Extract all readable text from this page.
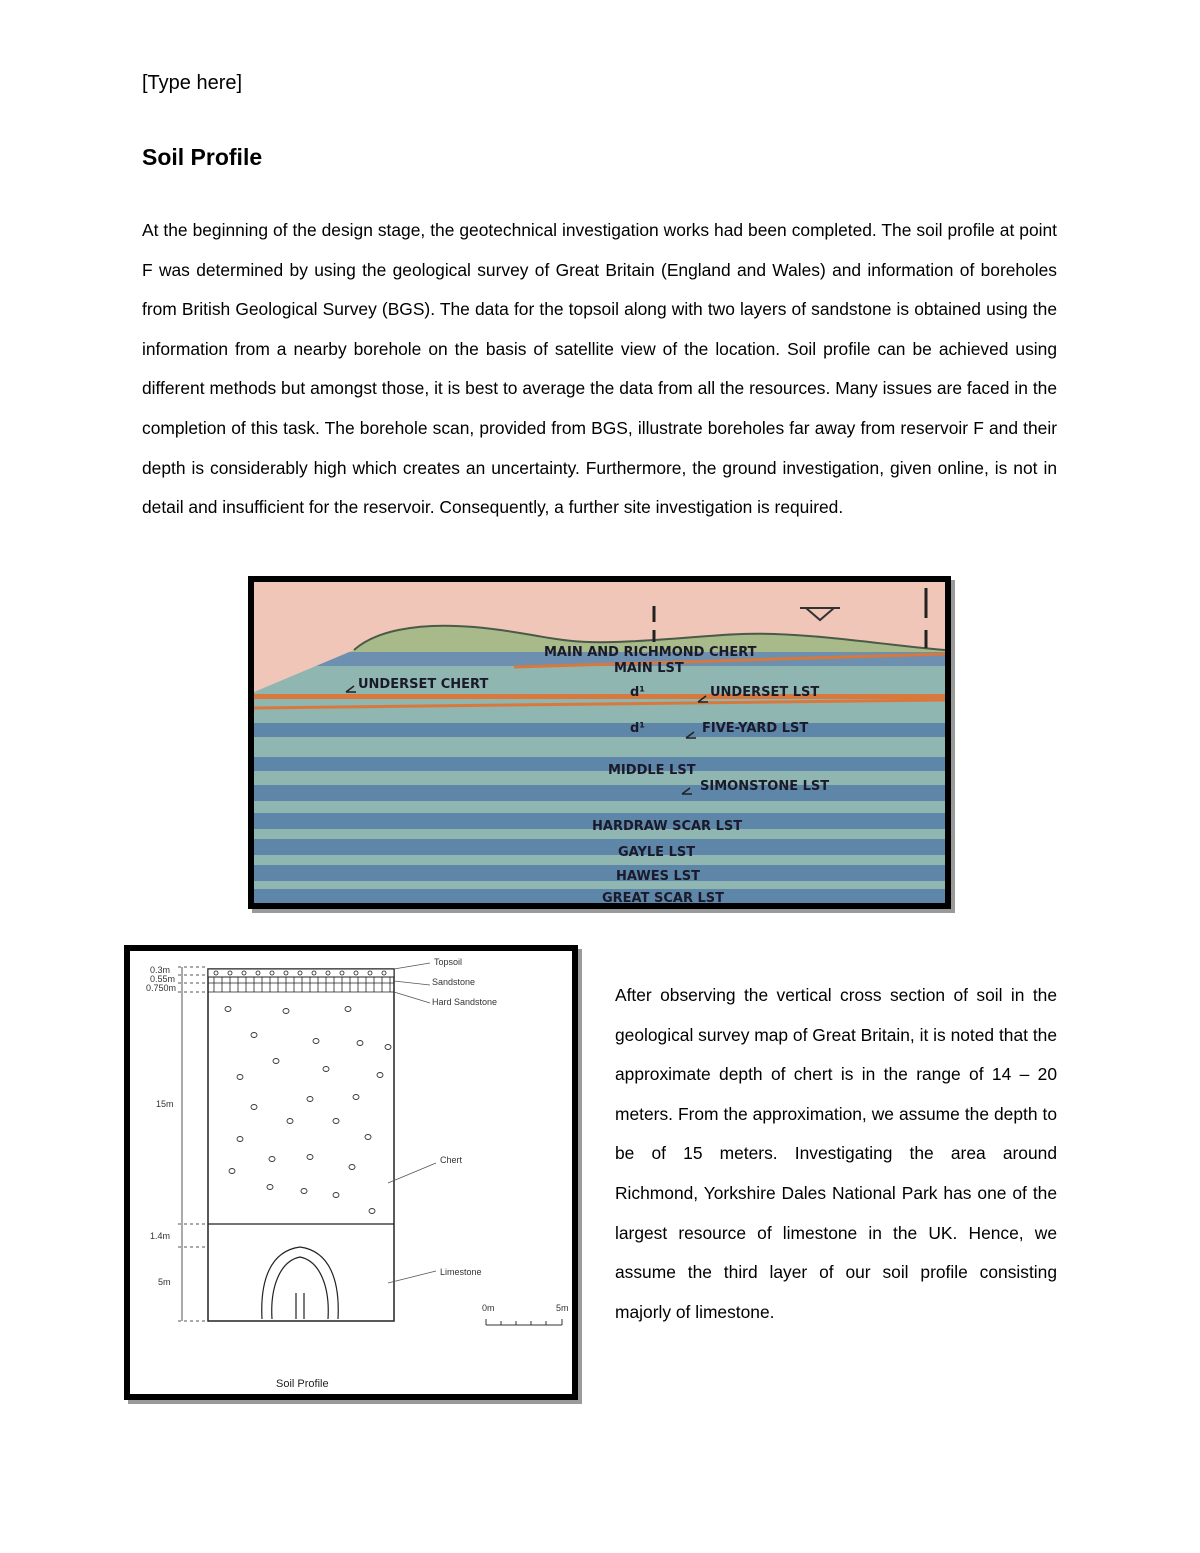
[Type here]
Soil Profile

At the beginning of the design stage, the geotechnical investigation works had been completed. The soil profile at point F was determined by using the geological survey of Great Britain (England and Wales) and information of boreholes from British Geological Survey (BGS). The data for the topsoil along with two layers of sandstone is obtained using the information from a nearby borehole on the basis of satellite view of the location. Soil profile can be achieved using different methods but amongst those, it is best to average the data from all the resources. Many issues are faced in the completion of this task. The borehole scan, provided from BGS, illustrate boreholes far away from reservoir F and their depth is considerably high which creates an uncertainty. Furthermore, the ground investigation, given online, is not in detail and insufficient for the reservoir. Consequently, a further site investigation is required.

MAIN AND RICHMOND CHERT
MAIN LST
UNDERSET CHERT
d¹	UNDERSET LST
d¹	FIVE-YARD LST
MIDDLE LST
SIMONSTONE LST
HARDRAW SCAR LST
GAYLE LST
HAWES LST
GREAT SCAR LST
0.3m
0.55m
0.750m
15m
1.4m
5m
Topsoil
Sandstone
Hard Sandstone
Chert
Limestone
0m	5m
Soil Profile

After observing the vertical cross section of soil in the geological survey map of Great Britain, it is noted that the approximate depth of chert is in the range of 14 – 20 meters. From the approximation, we assume the depth to be of 15 meters. Investigating the area around Richmond, Yorkshire Dales National Park has one of the largest resource of limestone in the UK. Hence, we assume the third layer of our soil profile consisting majorly of limestone.
